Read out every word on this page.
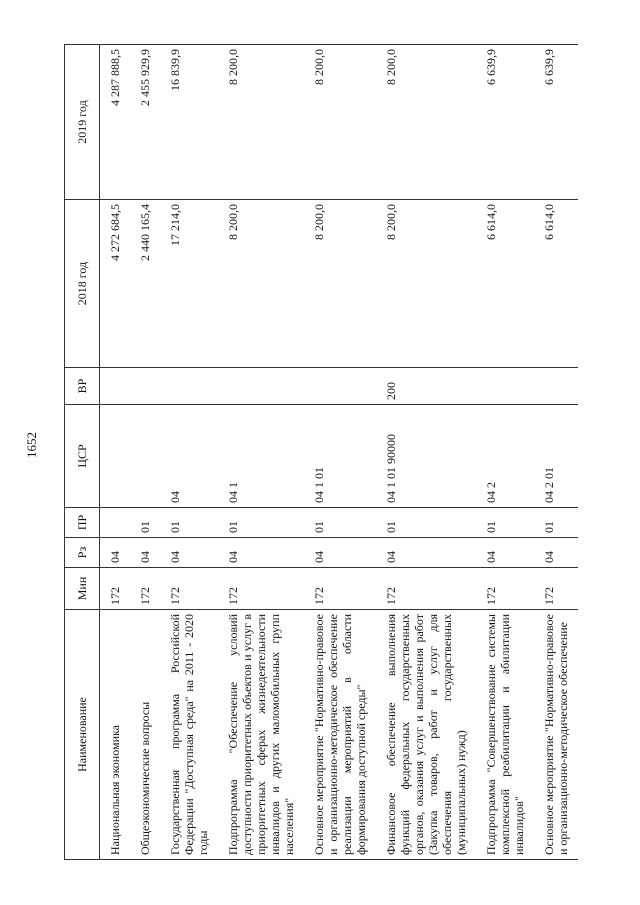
1652
Наименование	Мин	Рз	ПР	ЦСР	ВР	2018 год	2019 год
Национальная экономика	172	04				4 272 684,5	4 287 888,5
Общеэкономические вопросы	172	04	01			2 440 165,4	2 455 929,9
Государственная программа Российской Федерации "Доступная среда" на 2011 - 2020 годы	172	04	01	04		17 214,0	16 839,9
Подпрограмма "Обеспечение условий доступности приоритетных объектов и услуг в приоритетных сферах жизнедеятельности инвалидов и других маломобильных групп населения"	172	04	01	04 1		8 200,0	8 200,0
Основное мероприятие "Нормативно-правовое и организационно-методическое обеспечение реализации мероприятий в области формирования доступной среды"	172	04	01	04 1 01		8 200,0	8 200,0
Финансовое обеспечение выполнения функций федеральных государственных органов, оказания услуг и выполнения работ (Закупка товаров, работ и услуг для обеспечения государственных (муниципальных) нужд)	172	04	01	04 1 01 90000	200	8 200,0	8 200,0
Подпрограмма "Совершенствование системы комплексной реабилитации и абилитации инвалидов"	172	04	01	04 2		6 614,0	6 639,9
Основное мероприятие "Нормативно-правовое и организационно-методическое обеспечение	172	04	01	04 2 01		6 614,0	6 639,9
